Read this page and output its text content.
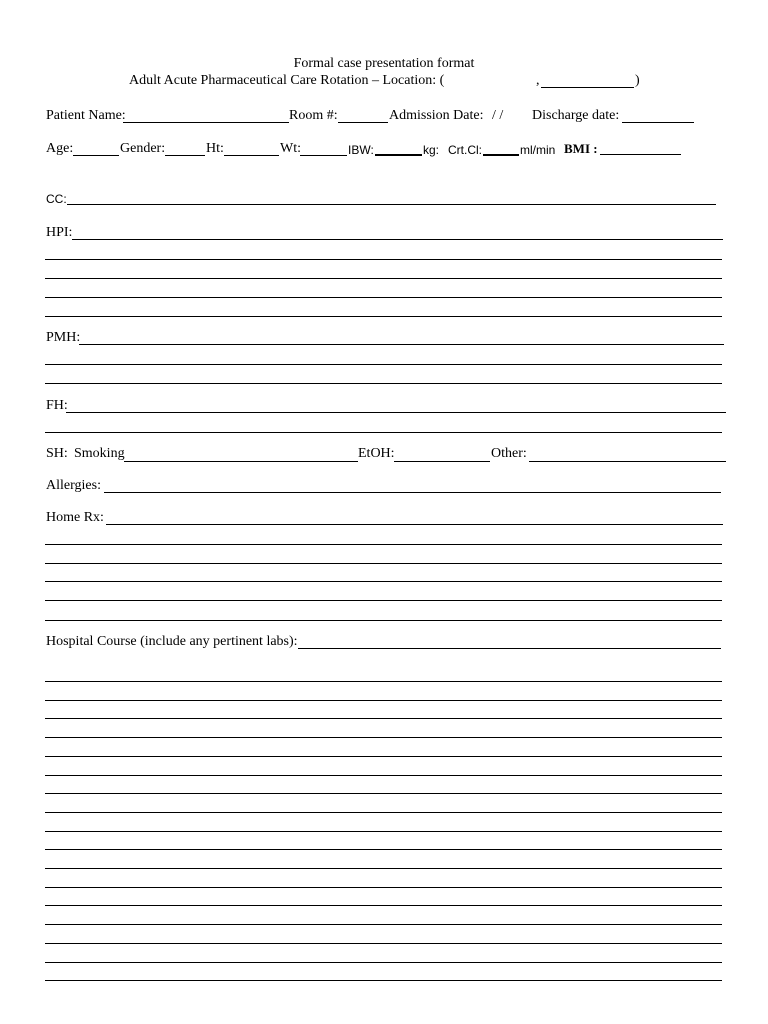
Formal case presentation format
Adult Acute Pharmaceutical Care Rotation – Location: (	,	)
Patient Name:	Room #:	Admission Date: / / Discharge date:
Age:	Gender:	Ht:	Wt:	IBW:	kg: Crt.Cl:	ml/min BMI :
CC:
HPI:
PMH:
FH:
SH: Smoking	EtOH:	Other:
Allergies:
Home Rx:
Hospital Course (include any pertinent labs):
